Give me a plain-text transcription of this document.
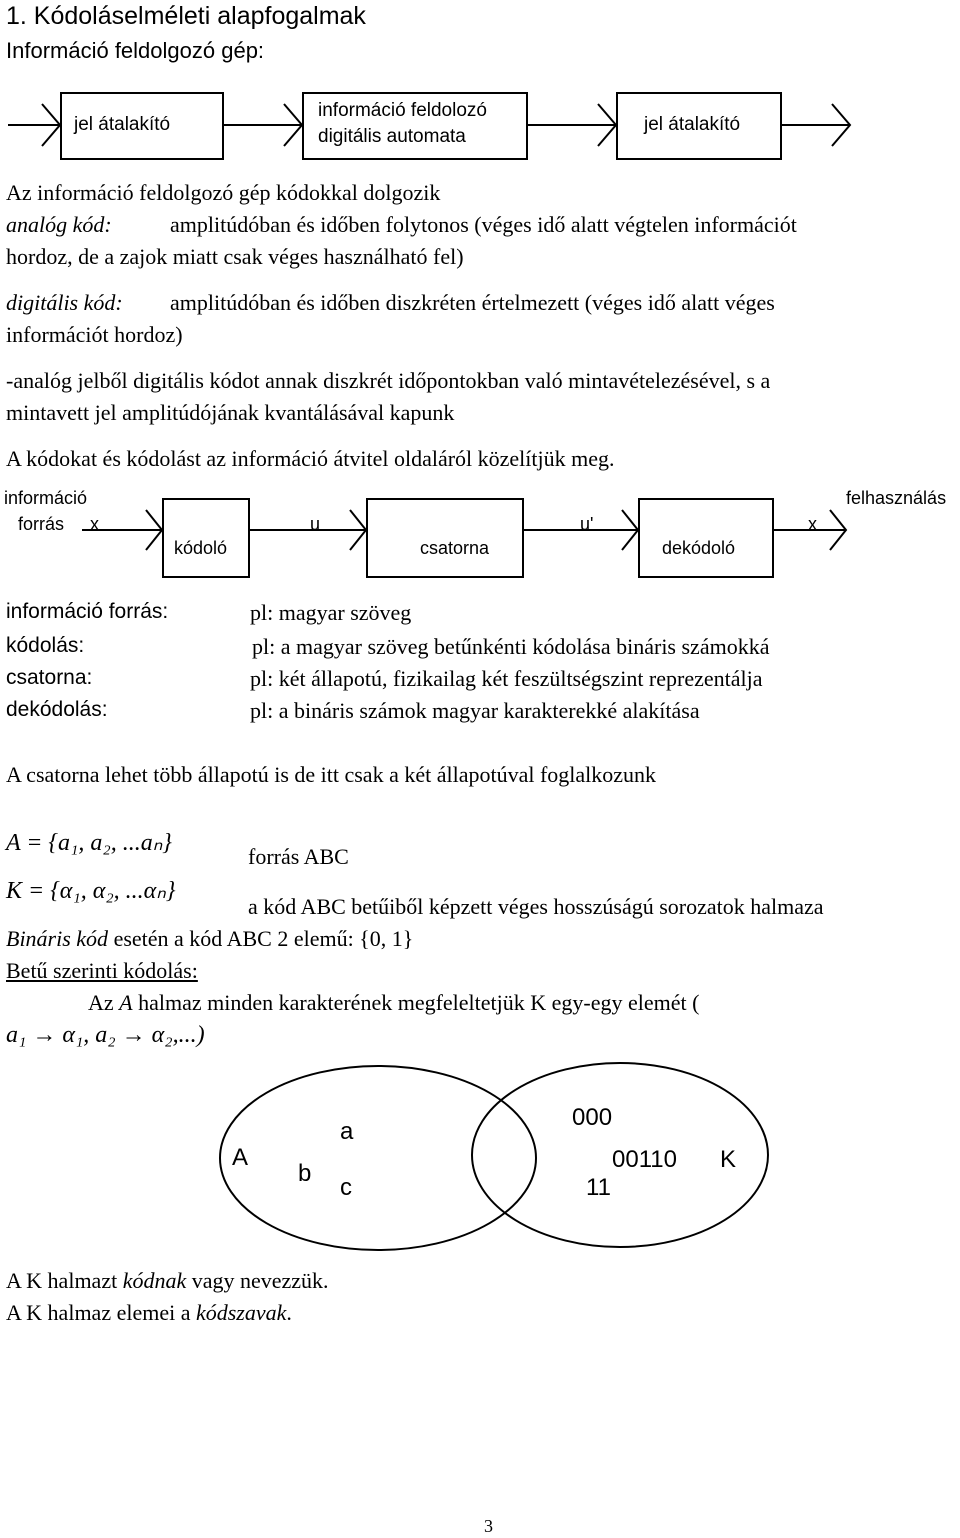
1. Kódoláselméleti alapfogalmak
Információ feldolgozó gép:
jel átalakító
információ feldolozó
digitális automata
jel átalakító
Az információ feldolgozó gép kódokkal dolgozik
analóg kód:	amplitúdóban és időben folytonos (véges idő alatt végtelen információt
hordoz, de a zajok miatt csak véges használható fel)
digitális kód: amplitúdóban és időben diszkréten értelmezett (véges idő alatt véges
információt hordoz)
-analóg jelből digitális kódot annak diszkrét időpontokban való mintavételezésével, s a
mintavett jel amplitúdójának kvantálásával kapunk
A kódokat és kódolást az információ átvitel oldaláról közelítjük meg.
információ
forrás x
kódoló
u
csatorna
u'
dekódoló
x
felhasználás
információ forrás:	pl: magyar szöveg
kódolás:	pl: a magyar szöveg betűnkénti kódolása bináris számokká
csatorna:	pl: két állapotú, fizikailag két feszültségszint reprezentálja
dekódolás:	pl: a bináris számok magyar karakterekké alakítása
A csatorna lehet több állapotú is de itt csak a két állapotúval foglalkozunk
A = {a₁, a₂, ...aₙ}
forrás ABC
K = {α₁, α₂, ...αₙ}
a kód ABC betűiből képzett véges hosszúságú sorozatok halmaza
Bináris kód esetén a kód ABC 2 elemű: {0, 1}
Betű szerinti kódolás:
Az A halmaz minden karakterének megfeleltetjük K egy-egy elemét (
a₁ → α₁, a₂ → α₂,...)
A
a
b
c
000
00110
11
K
A K halmazt kódnak vagy nevezzük.
A K halmaz elemei a kódszavak.
3
